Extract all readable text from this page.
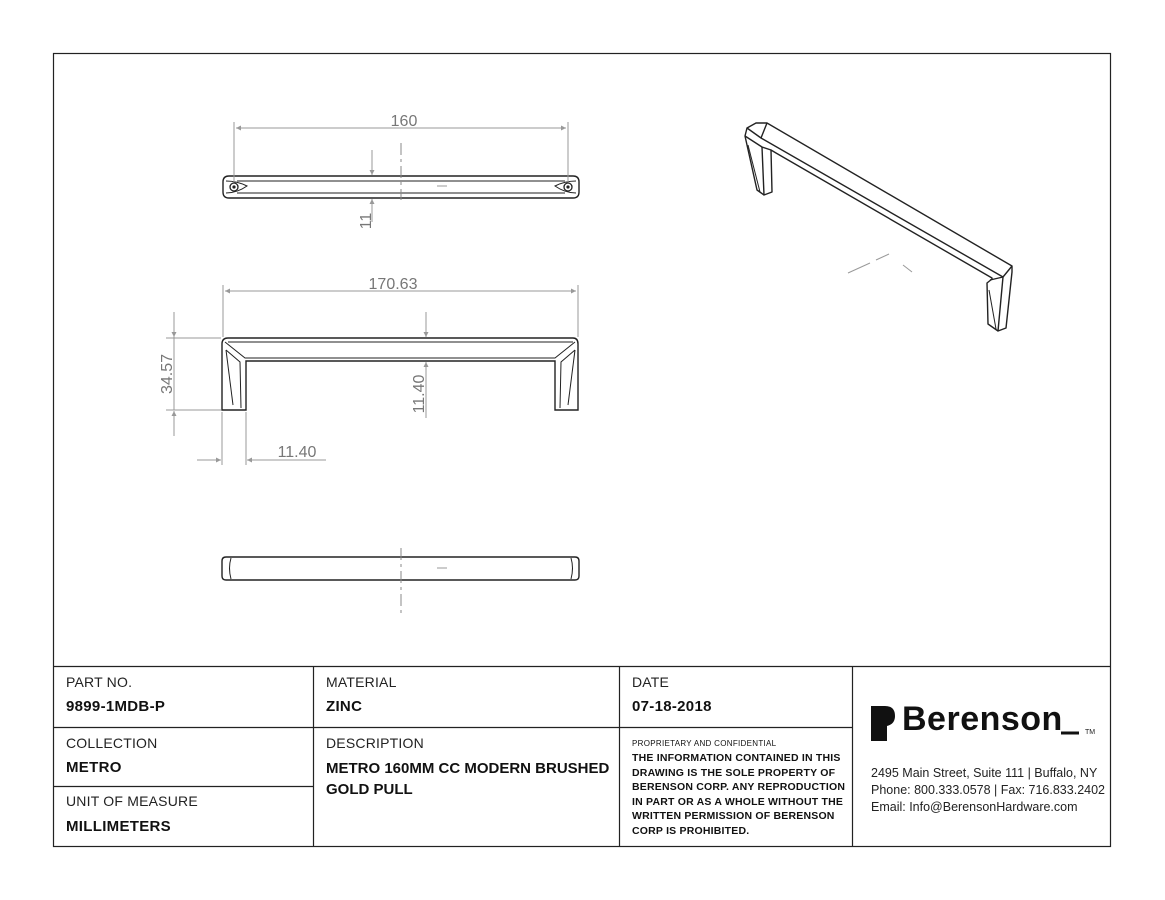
160
11
170.63
34.57	11.40
11.40
PART NO.
9899-1MDB-P
MATERIAL
ZINC
DATE
07-18-2018
COLLECTION
METRO
DESCRIPTION
METRO 160MM CC MODERN BRUSHED GOLD PULL
UNIT OF MEASURE
MILLIMETERS
PROPRIETARY AND CONFIDENTIAL
THE INFORMATION CONTAINED IN THIS DRAWING IS THE SOLE PROPERTY OF BERENSON CORP. ANY REPRODUCTION IN PART OR AS A WHOLE WITHOUT THE WRITTEN PERMISSION OF BERENSON CORP IS PROHIBITED.
Berenson	TM
2495 Main Street, Suite 111 | Buffalo, NY
Phone: 800.333.0578 | Fax: 716.833.2402
Email: Info@BerensonHardware.com
